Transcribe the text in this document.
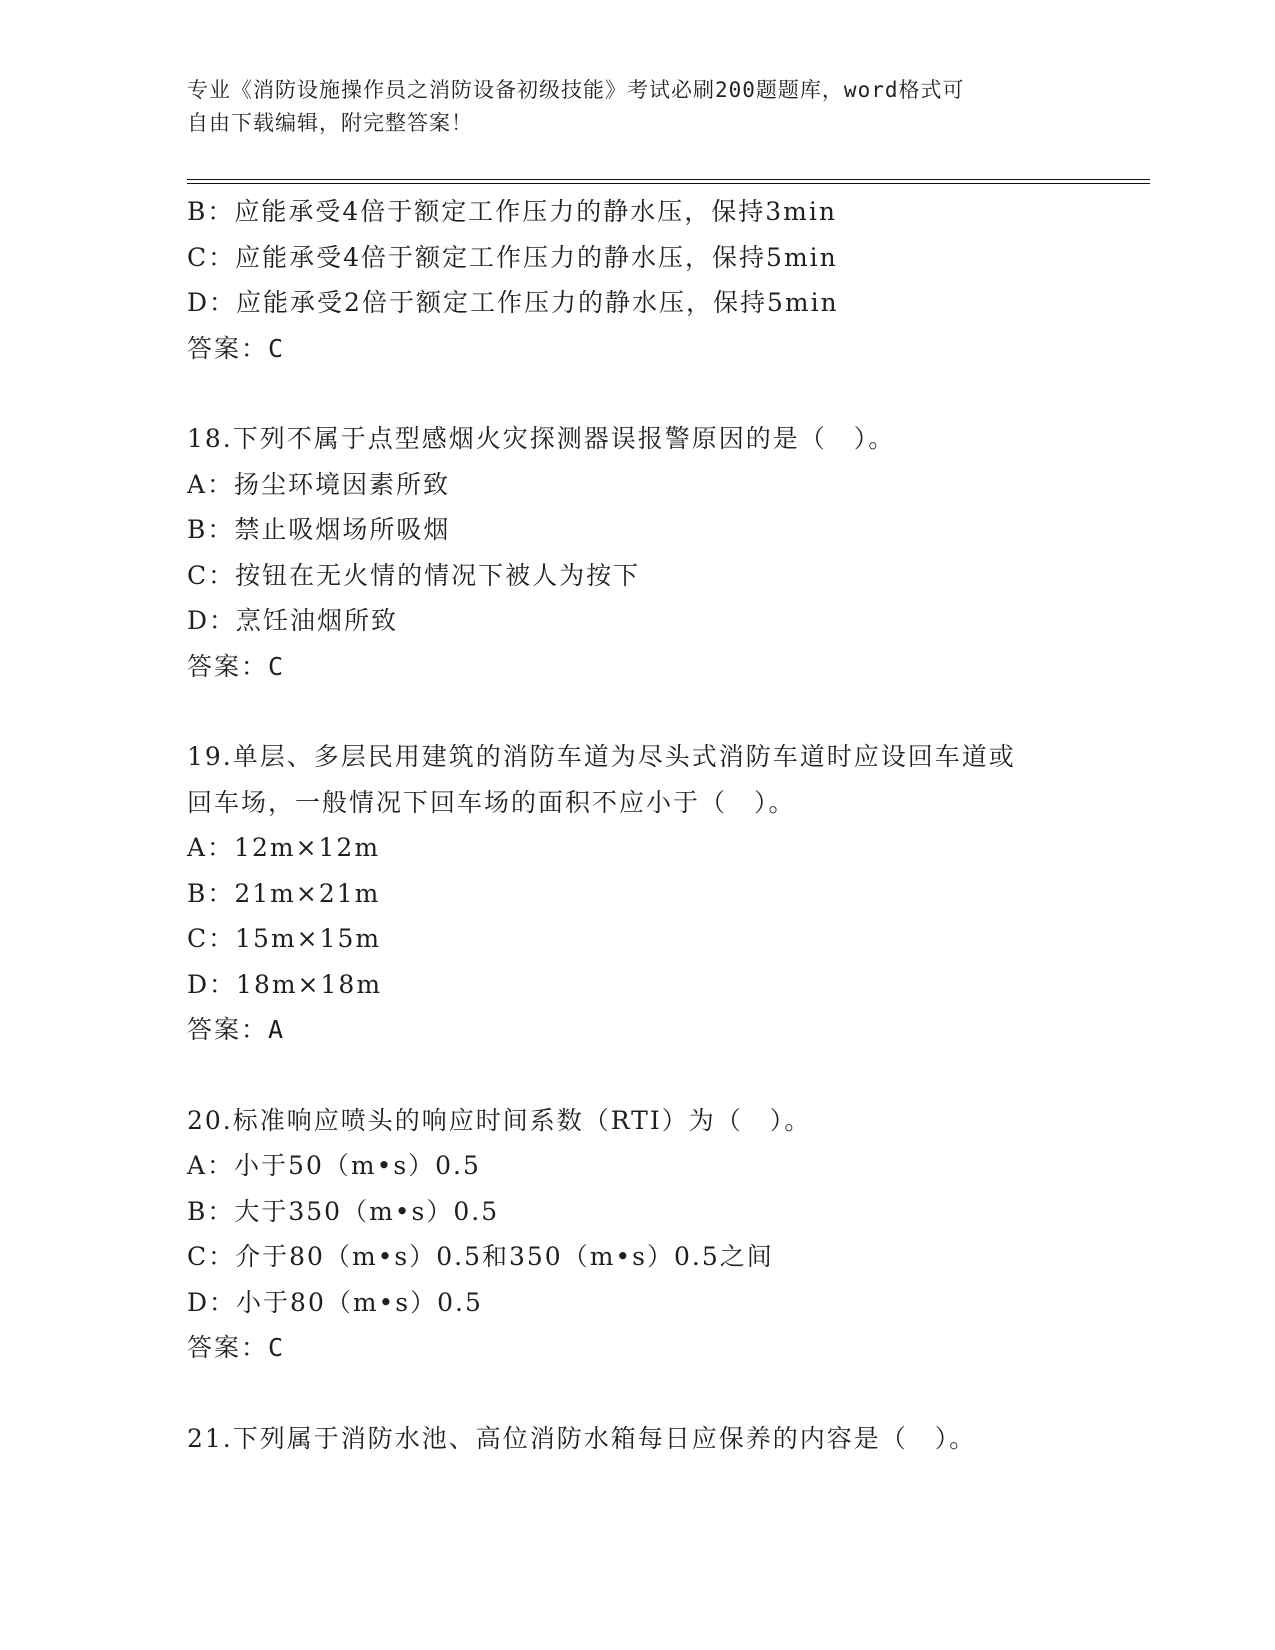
专业《消防设施操作员之消防设备初级技能》考试必刷200题题库，word格式可
自由下载编辑，附完整答案！
B：应能承受4倍于额定工作压力的静水压，保持3min
C：应能承受4倍于额定工作压力的静水压，保持5min
D：应能承受2倍于额定工作压力的静水压，保持5min
答案：C
18.下列不属于点型感烟火灾探测器误报警原因的是（　）。
A：扬尘环境因素所致
B：禁止吸烟场所吸烟
C：按钮在无火情的情况下被人为按下
D：烹饪油烟所致
答案：C
19.单层、多层民用建筑的消防车道为尽头式消防车道时应设回车道或
回车场，一般情况下回车场的面积不应小于（　）。
A：12m×12m
B：21m×21m
C：15m×15m
D：18m×18m
答案：A
20.标准响应喷头的响应时间系数（RTI）为（　）。
A：小于50（m•s）0.5
B：大于350（m•s）0.5
C：介于80（m•s）0.5和350（m•s）0.5之间
D：小于80（m•s）0.5
答案：C
21.下列属于消防水池、高位消防水箱每日应保养的内容是（　）。
